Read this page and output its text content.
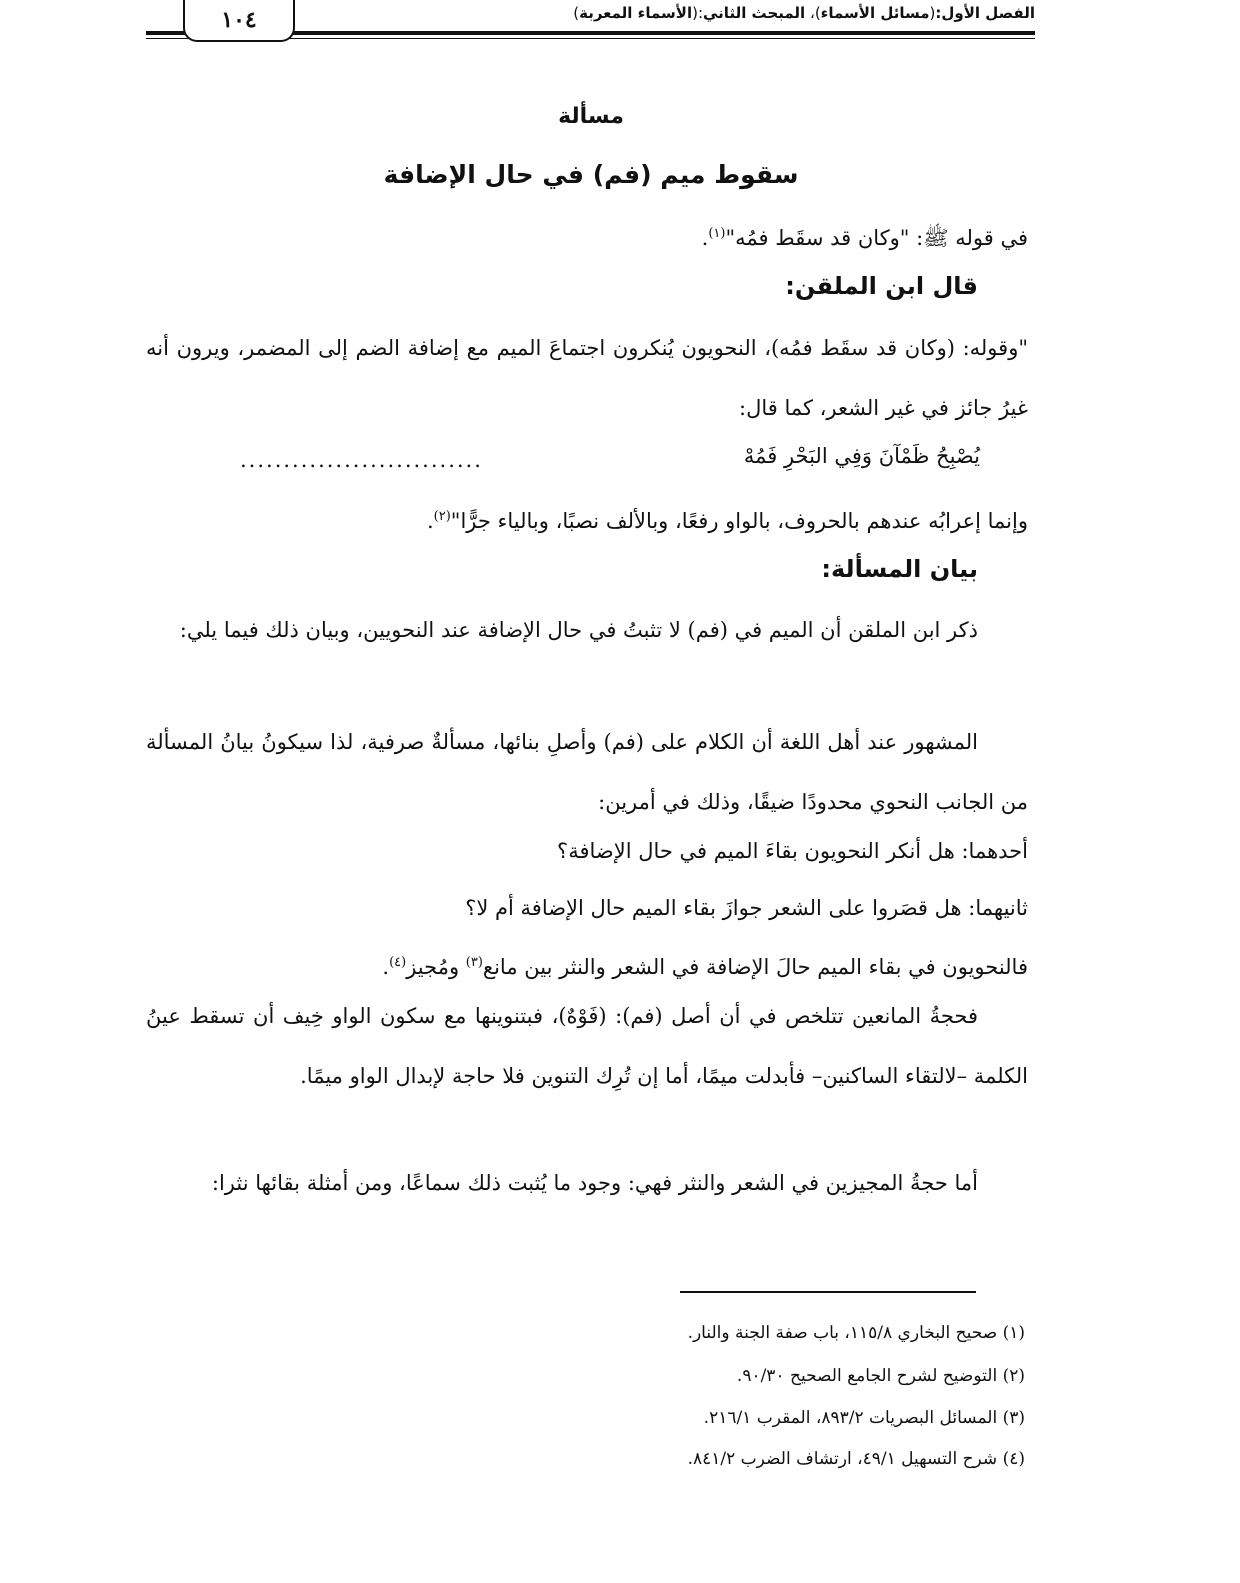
١٠٤	الفصل الأول:(مسائل الأسماء)، المبحث الثاني:(الأسماء المعربة)
مسألة
سقوط ميم (فم) في حال الإضافة
في قوله ﷺ: "وكان قد سقَط فمُه"$^{(١)}$.
قال ابن الملقن:
"وقوله: (وكان قد سقَط فمُه)، النحويون يُنكرون اجتماعَ الميم مع إضافة الضم إلى المضمر، ويرون أنه غيرُ جائز في غير الشعر، كما قال:
............................	يُصْبِحُ ظَمْآنَ وَفِي البَحْرِ فَمُهْ
وإنما إعرابُه عندهم بالحروف، بالواو رفعًا، وبالألف نصبًا، وبالياء جرًّا"$^{(٢)}$.
بيان المسألة:
ذكر ابن الملقن أن الميم في (فم) لا تثبتُ في حال الإضافة عند النحويين، وبيان ذلك فيما يلي:
المشهور عند أهل اللغة أن الكلام على (فم) وأصلِ بنائها، مسألةٌ صرفية، لذا سيكونُ بيانُ المسألة من الجانب النحوي محدودًا ضيقًا، وذلك في أمرين:
أحدهما: هل أنكر النحويون بقاءَ الميم في حال الإضافة؟
ثانيهما: هل قصَروا على الشعر جوازَ بقاء الميم حال الإضافة أم لا؟
فالنحويون في بقاء الميم حالَ الإضافة في الشعر والنثر بين مانع$^{(٣)}$ ومُجيز$^{(٤)}$.
فحجةُ المانعين تتلخص في أن أصل (فم): (فَوْهٌ)، فبتنوينها مع سكون الواو خِيف أن تسقط عينُ الكلمة –لالتقاء الساكنين– فأبدلت ميمًا، أما إن تُرِك التنوين فلا حاجة لإبدال الواو ميمًا.
أما حجةُ المجيزين في الشعر والنثر فهي: وجود ما يُثبت ذلك سماعًا، ومن أمثلة بقائها نثرا:
(١) صحيح البخاري ١١٥/٨، باب صفة الجنة والنار.
(٢) التوضيح لشرح الجامع الصحيح ٩٠/٣٠.
(٣) المسائل البصريات ٨٩٣/٢، المقرب ٢١٦/١.
(٤) شرح التسهيل ٤٩/١، ارتشاف الضرب ٨٤١/٢.
